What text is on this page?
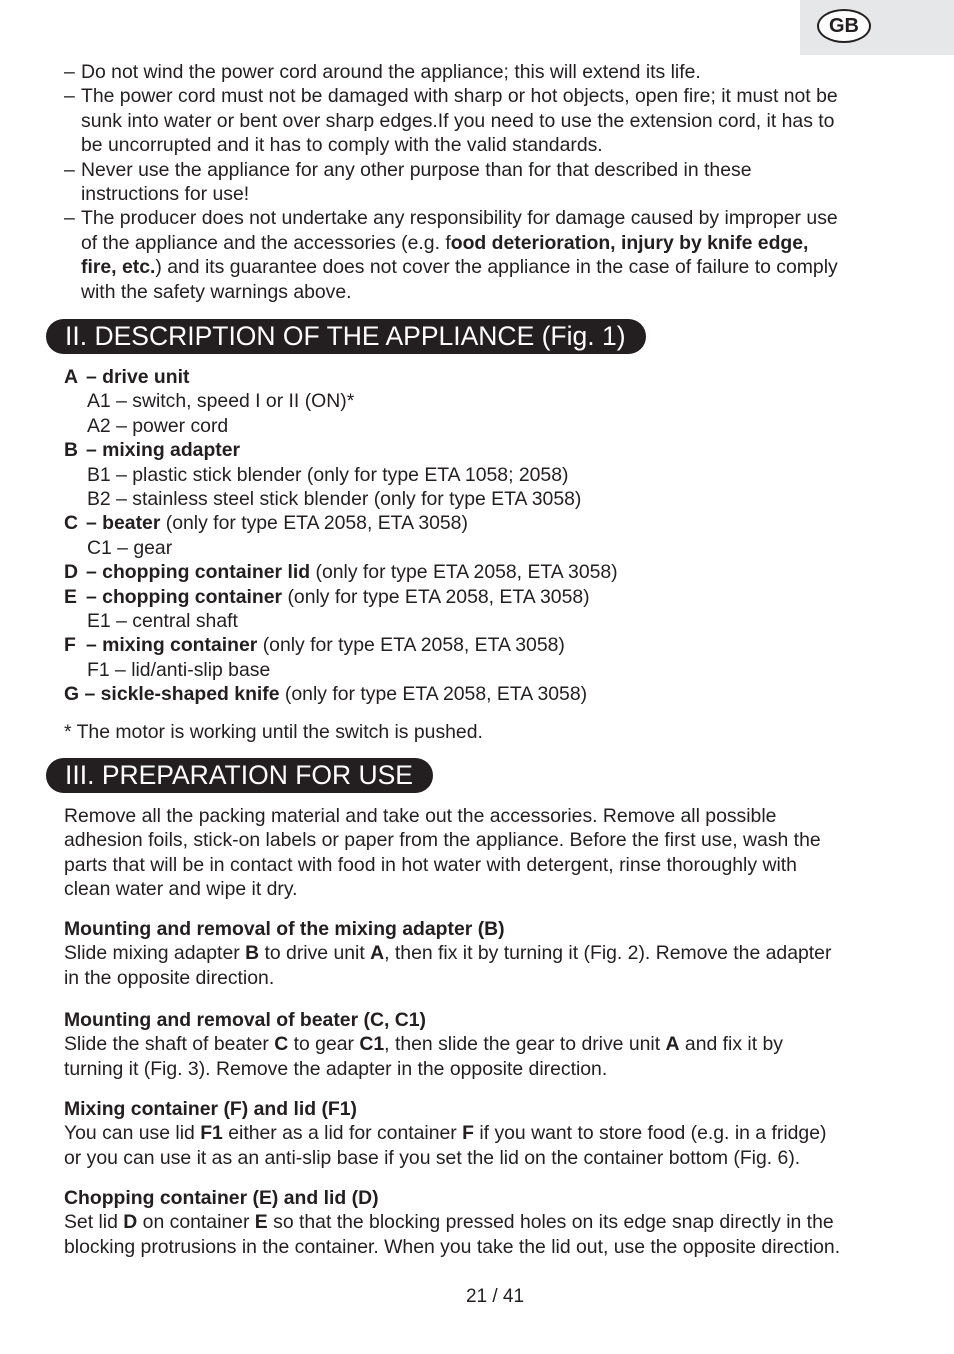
GB
– Do not wind the power cord around the appliance; this will extend its life.
– The power cord must not be damaged with sharp or hot objects, open fire; it must not be
sunk into water or bent over sharp edges.If you need to use the extension cord, it has to
be uncorrupted and it has to comply with the valid standards.
– Never use the appliance for any other purpose than for that described in these
instructions for use!
– The producer does not undertake any responsibility for damage caused by improper use
of the appliance and the accessories (e.g. food deterioration, injury by knife edge,
fire, etc.) and its guarantee does not cover the appliance in the case of failure to comply
with the safety warnings above.
II. DESCRIPTION OF THE APPLIANCE (Fig. 1)
A – drive unit
A1 – switch, speed I or II (ON)*
A2 – power cord
B – mixing adapter
B1 – plastic stick blender (only for type ETA 1058; 2058)
B2 – stainless steel stick blender (only for type ETA 3058)
C – beater (only for type ETA 2058, ETA 3058)
C1 – gear
D – chopping container lid (only for type ETA 2058, ETA 3058)
E – chopping container (only for type ETA 2058, ETA 3058)
E1 – central shaft
F – mixing container (only for type ETA 2058, ETA 3058)
F1 – lid/anti-slip base
G – sickle-shaped knife (only for type ETA 2058, ETA 3058)
* The motor is working until the switch is pushed.
III. PREPARATION FOR USE

Remove all the packing material and take out the accessories. Remove all possible
adhesion foils, stick-on labels or paper from the appliance. Before the first use, wash the
parts that will be in contact with food in hot water with detergent, rinse thoroughly with
clean water and wipe it dry.

Mounting and removal of the mixing adapter (B)
Slide mixing adapter B to drive unit A, then fix it by turning it (Fig. 2). Remove the adapter
in the opposite direction.
Mounting and removal of beater (C, C1)
Slide the shaft of beater C to gear C1, then slide the gear to drive unit A and fix it by
turning it (Fig. 3). Remove the adapter in the opposite direction.
Mixing container (F) and lid (F1)
You can use lid F1 either as a lid for container F if you want to store food (e.g. in a fridge)
or you can use it as an anti-slip base if you set the lid on the container bottom (Fig. 6).
Chopping container (E) and lid (D)
Set lid D on container E so that the blocking pressed holes on its edge snap directly in the
blocking protrusions in the container. When you take the lid out, use the opposite direction.
21 / 41
